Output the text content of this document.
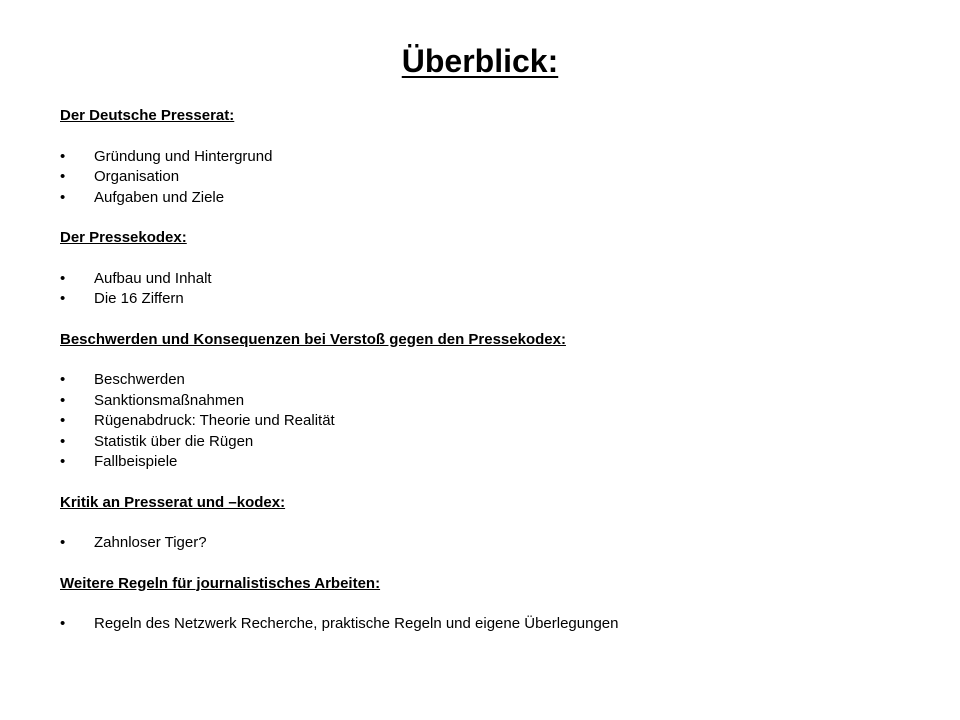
Überblick:

Der Deutsche Presserat:

•	Gründung und Hintergrund
•	Organisation
•	Aufgaben und Ziele

Der Pressekodex:

•	Aufbau und Inhalt
•	Die 16 Ziffern

Beschwerden und Konsequenzen bei Verstoß gegen den Pressekodex:

•	Beschwerden
•	Sanktionsmaßnahmen
•	Rügenabdruck: Theorie und Realität
•	Statistik über die Rügen
•	Fallbeispiele

Kritik an Presserat und –kodex:

•	Zahnloser Tiger?

Weitere Regeln für journalistisches Arbeiten:

•	Regeln des Netzwerk Recherche, praktische Regeln und eigene Überlegungen
